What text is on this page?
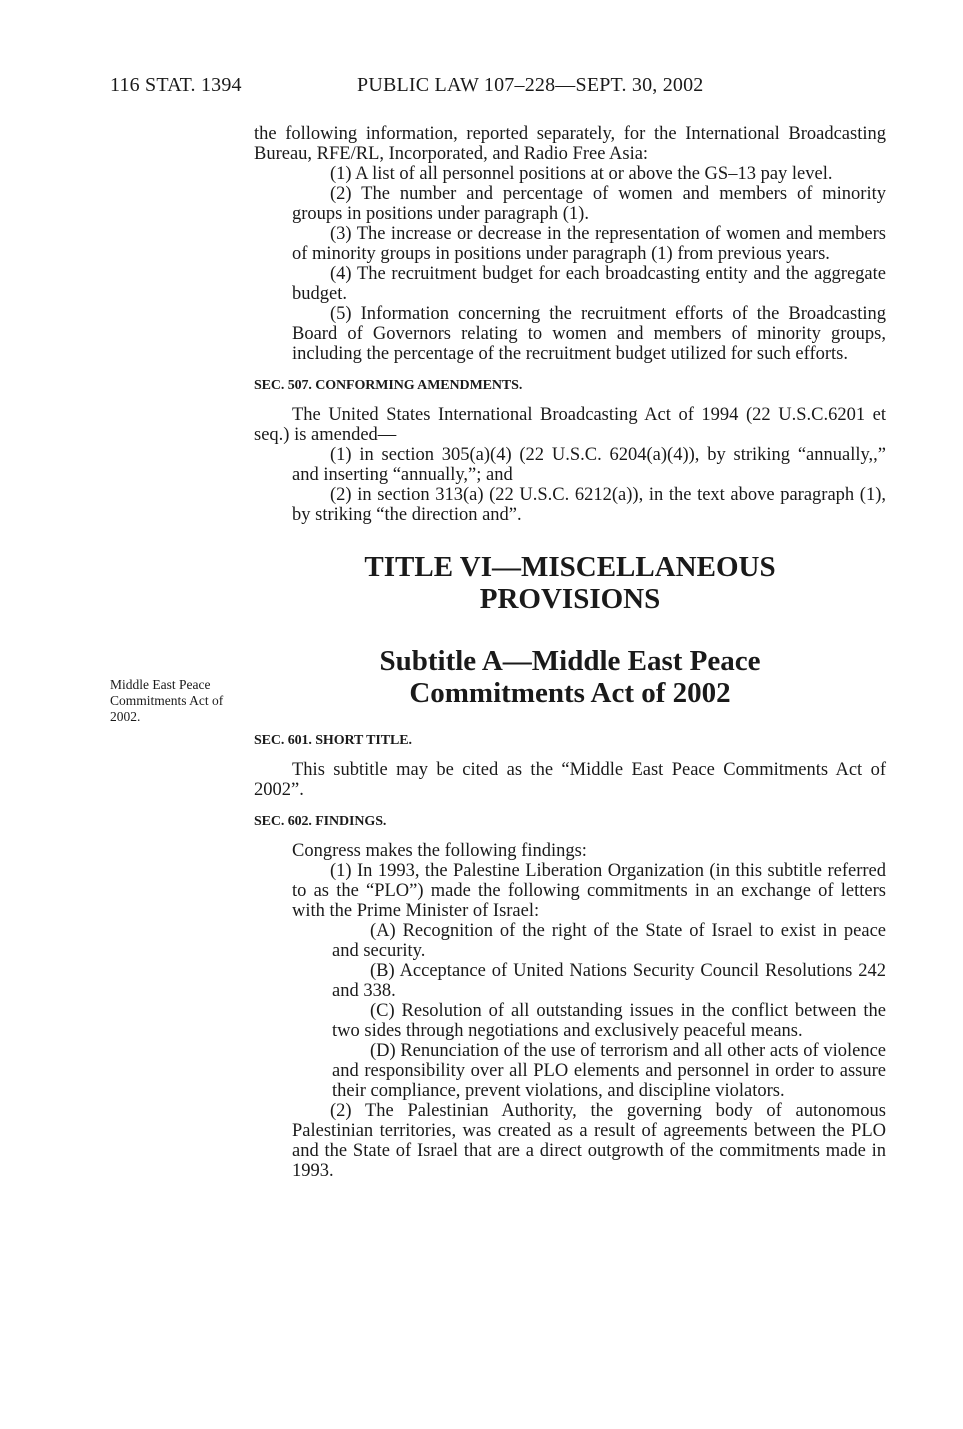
116 STAT. 1394	PUBLIC LAW 107–228—SEPT. 30, 2002
Middle East Peace Commitments Act of 2002.

the following information, reported separately, for the International Broadcasting Bureau, RFE/RL, Incorporated, and Radio Free Asia:

(1) A list of all personnel positions at or above the GS–13 pay level.

(2) The number and percentage of women and members of minority groups in positions under paragraph (1).

(3) The increase or decrease in the representation of women and members of minority groups in positions under paragraph (1) from previous years.

(4) The recruitment budget for each broadcasting entity and the aggregate budget.

(5) Information concerning the recruitment efforts of the Broadcasting Board of Governors relating to women and members of minority groups, including the percentage of the recruitment budget utilized for such efforts.

SEC. 507. CONFORMING AMENDMENTS.

The United States International Broadcasting Act of 1994 (22 U.S.C.6201 et seq.) is amended—

(1) in section 305(a)(4) (22 U.S.C. 6204(a)(4)), by striking “annually,,” and inserting “annually,”; and

(2) in section 313(a) (22 U.S.C. 6212(a)), in the text above paragraph (1), by striking “the direction and”.

TITLE VI—MISCELLANEOUS
PROVISIONS
Subtitle A—Middle East Peace
Commitments Act of 2002
SEC. 601. SHORT TITLE.

This subtitle may be cited as the “Middle East Peace Commitments Act of 2002”.

SEC. 602. FINDINGS.

Congress makes the following findings:

(1) In 1993, the Palestine Liberation Organization (in this subtitle referred to as the “PLO”) made the following commitments in an exchange of letters with the Prime Minister of Israel:

(A) Recognition of the right of the State of Israel to exist in peace and security.

(B) Acceptance of United Nations Security Council Resolutions 242 and 338.

(C) Resolution of all outstanding issues in the conflict between the two sides through negotiations and exclusively peaceful means.

(D) Renunciation of the use of terrorism and all other acts of violence and responsibility over all PLO elements and personnel in order to assure their compliance, prevent violations, and discipline violators.

(2) The Palestinian Authority, the governing body of autonomous Palestinian territories, was created as a result of agreements between the PLO and the State of Israel that are a direct outgrowth of the commitments made in 1993.
